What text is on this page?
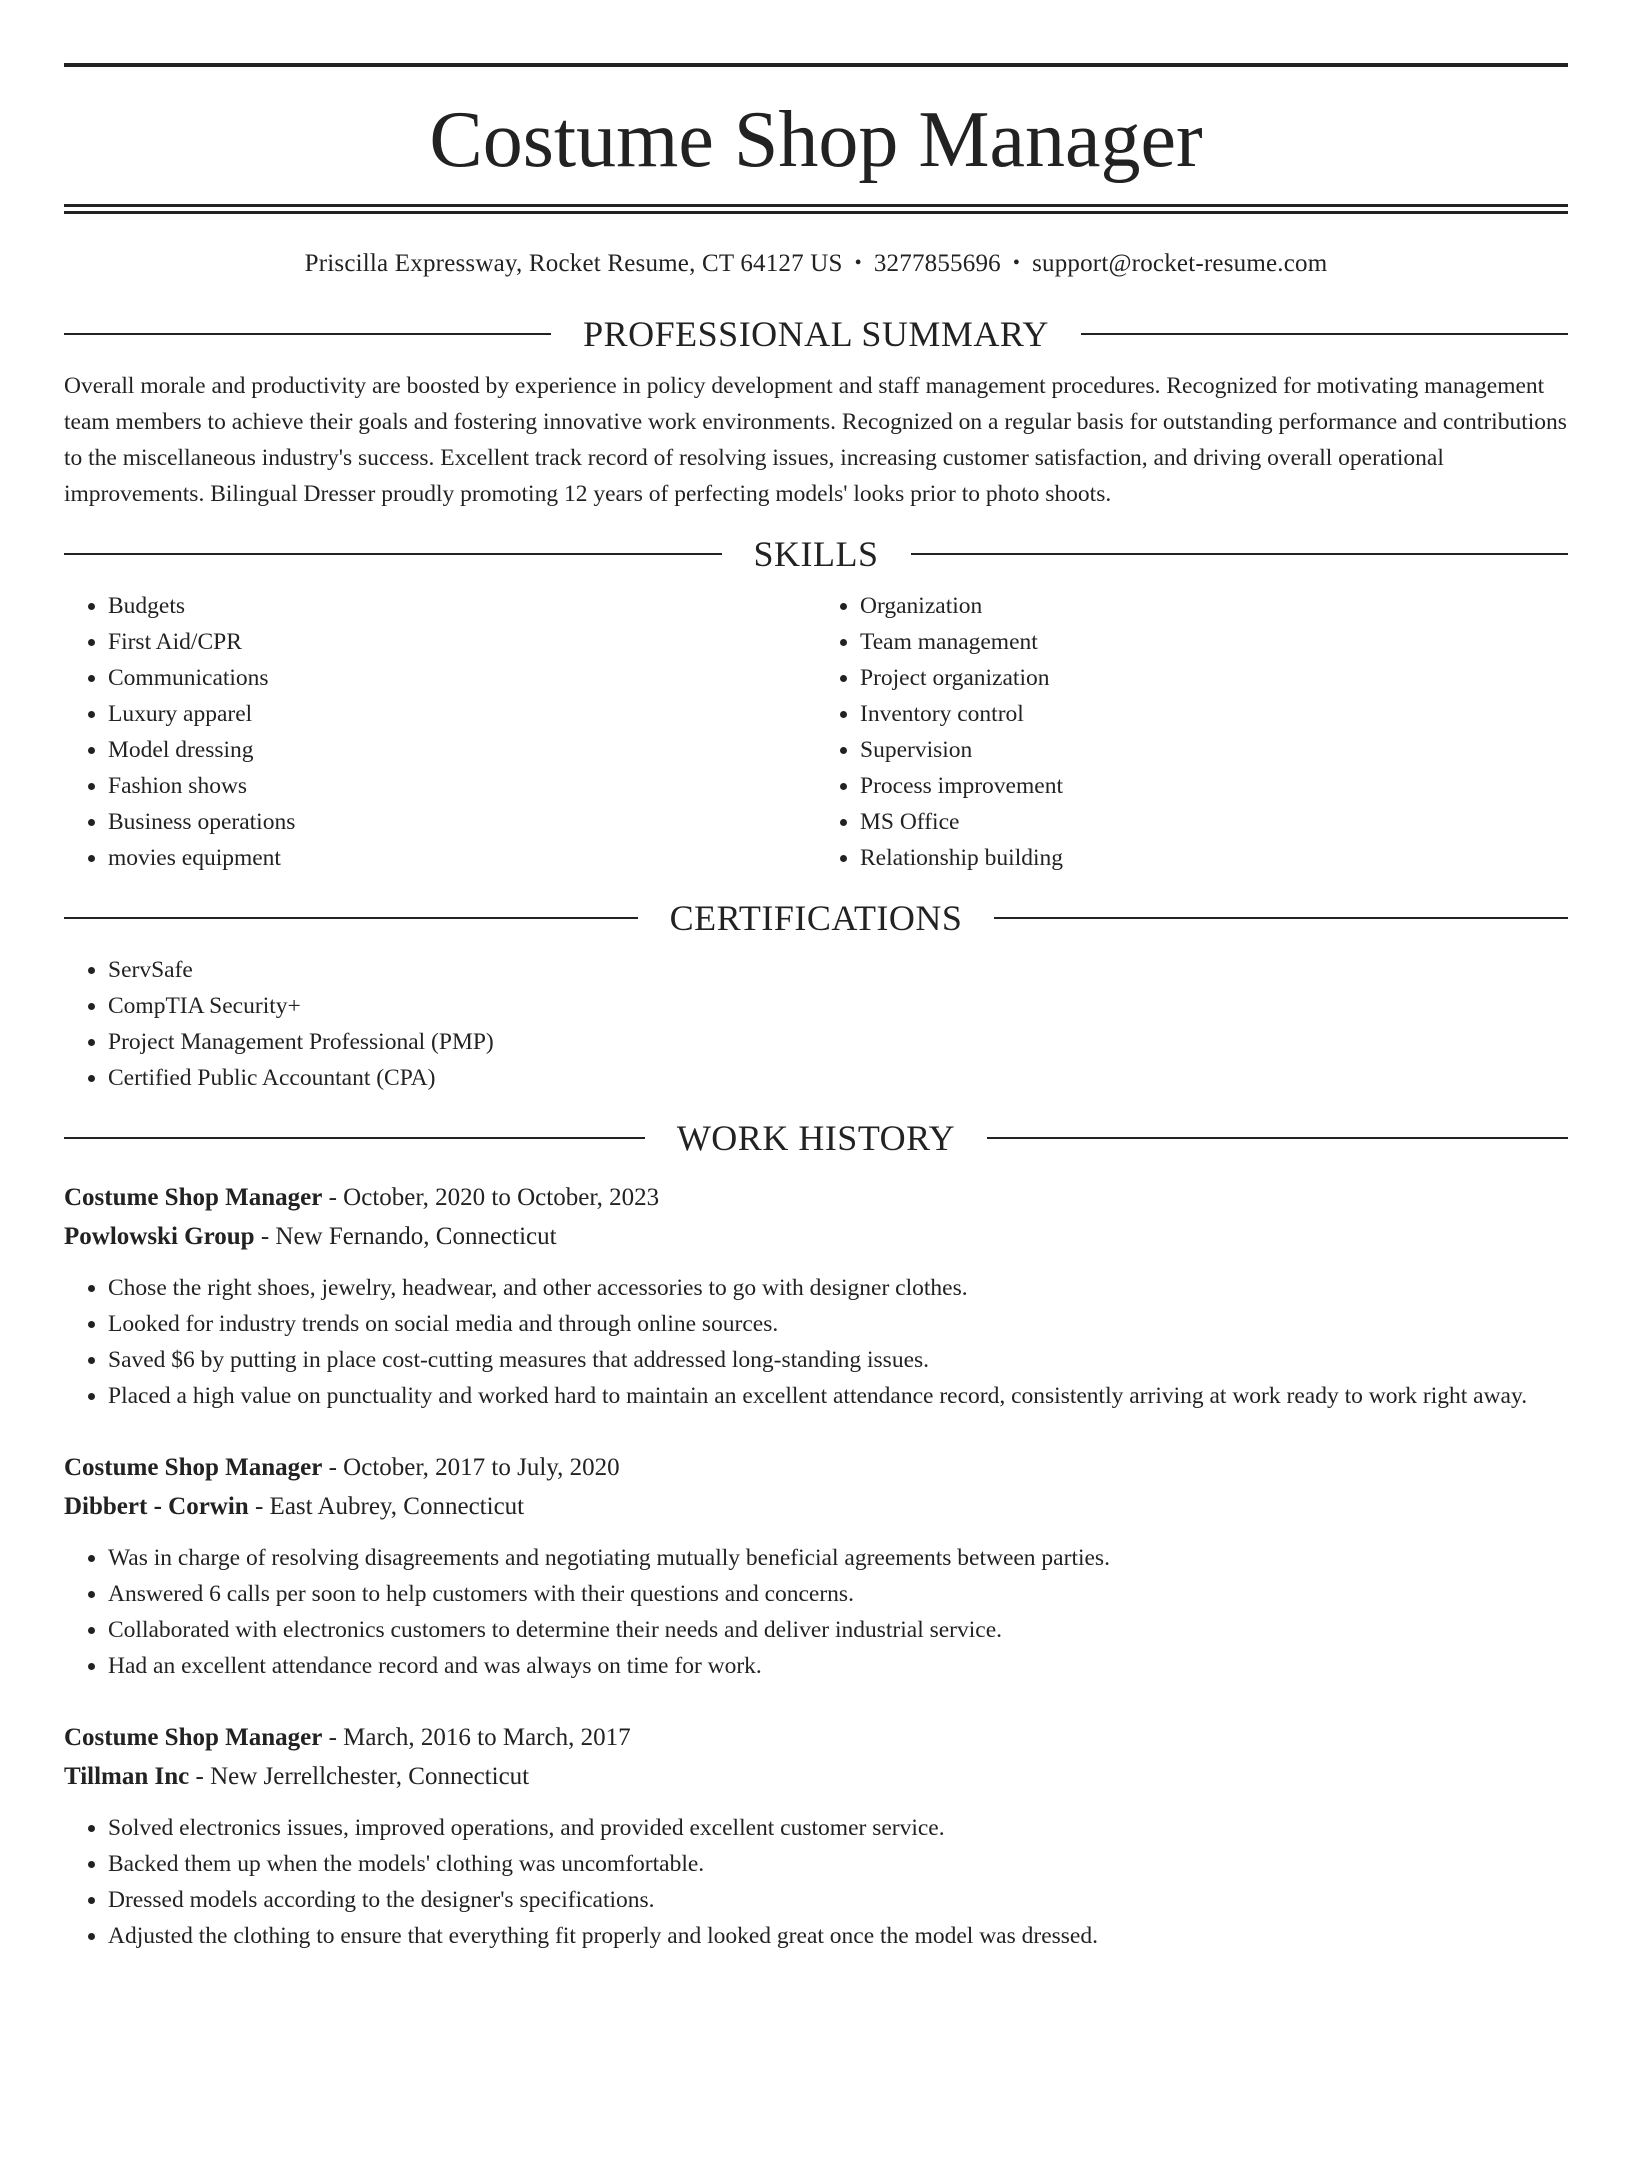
Costume Shop Manager
Priscilla Expressway, Rocket Resume, CT 64127 US • 3277855696 • support@rocket-resume.com
PROFESSIONAL SUMMARY
Overall morale and productivity are boosted by experience in policy development and staff management procedures. Recognized for motivating management team members to achieve their goals and fostering innovative work environments. Recognized on a regular basis for outstanding performance and contributions to the miscellaneous industry's success. Excellent track record of resolving issues, increasing customer satisfaction, and driving overall operational improvements. Bilingual Dresser proudly promoting 12 years of perfecting models' looks prior to photo shoots.
SKILLS
• Budgets
• First Aid/CPR
• Communications
• Luxury apparel
• Model dressing
• Fashion shows
• Business operations
• movies equipment
• Organization
• Team management
• Project organization
• Inventory control
• Supervision
• Process improvement
• MS Office
• Relationship building
CERTIFICATIONS
• ServSafe
• CompTIA Security+
• Project Management Professional (PMP)
• Certified Public Accountant (CPA)
WORK HISTORY
Costume Shop Manager - October, 2020 to October, 2023
Powlowski Group - New Fernando, Connecticut
• Chose the right shoes, jewelry, headwear, and other accessories to go with designer clothes.
• Looked for industry trends on social media and through online sources.
• Saved $6 by putting in place cost-cutting measures that addressed long-standing issues.
• Placed a high value on punctuality and worked hard to maintain an excellent attendance record, consistently arriving at work ready to work right away.
Costume Shop Manager - October, 2017 to July, 2020
Dibbert - Corwin - East Aubrey, Connecticut
• Was in charge of resolving disagreements and negotiating mutually beneficial agreements between parties.
• Answered 6 calls per soon to help customers with their questions and concerns.
• Collaborated with electronics customers to determine their needs and deliver industrial service.
• Had an excellent attendance record and was always on time for work.
Costume Shop Manager - March, 2016 to March, 2017
Tillman Inc - New Jerrellchester, Connecticut
• Solved electronics issues, improved operations, and provided excellent customer service.
• Backed them up when the models' clothing was uncomfortable.
• Dressed models according to the designer's specifications.
• Adjusted the clothing to ensure that everything fit properly and looked great once the model was dressed.
